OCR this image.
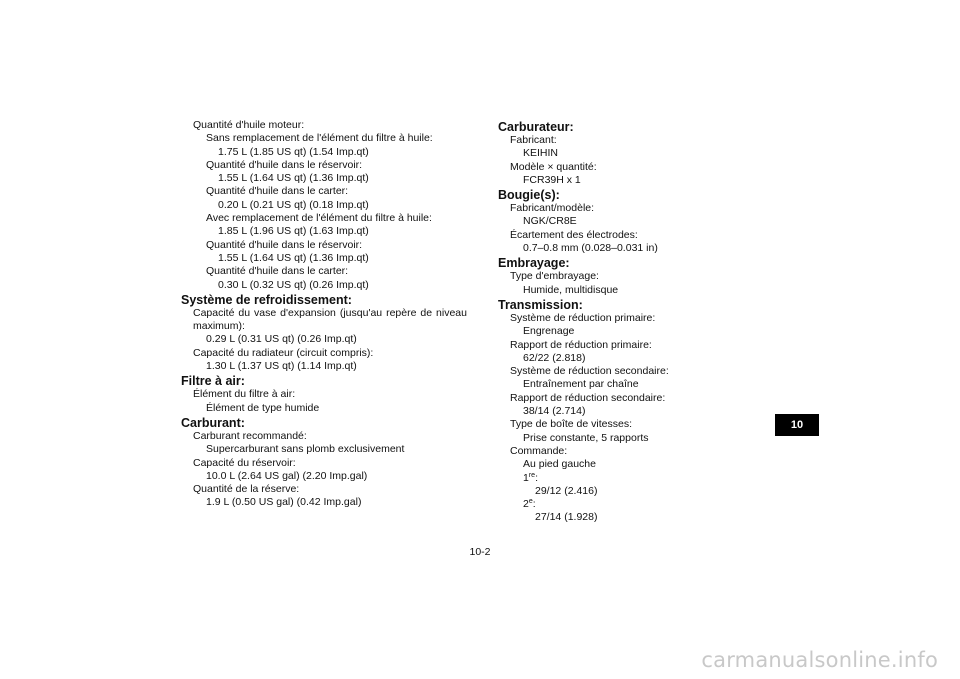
Quantité d'huile moteur:
Sans remplacement de l'élément du filtre à huile:
1.75 L (1.85 US qt) (1.54 Imp.qt)
Quantité d'huile dans le réservoir:
1.55 L (1.64 US qt) (1.36 Imp.qt)
Quantité d'huile dans le carter:
0.20 L (0.21 US qt) (0.18 Imp.qt)
Avec remplacement de l'élément du filtre à huile:
1.85 L (1.96 US qt) (1.63 Imp.qt)
Quantité d'huile dans le réservoir:
1.55 L (1.64 US qt) (1.36 Imp.qt)
Quantité d'huile dans le carter:
0.30 L (0.32 US qt) (0.26 Imp.qt)
Système de refroidissement:
Capacité du vase d'expansion (jusqu'au repère de niveau
maximum):
0.29 L (0.31 US qt) (0.26 Imp.qt)
Capacité du radiateur (circuit compris):
1.30 L (1.37 US qt) (1.14 Imp.qt)
Filtre à air:
Élément du filtre à air:
Élément de type humide
Carburant:
Carburant recommandé:
Supercarburant sans plomb exclusivement
Capacité du réservoir:
10.0 L (2.64 US gal) (2.20 Imp.gal)
Quantité de la réserve:
1.9 L (0.50 US gal) (0.42 Imp.gal)
Carburateur:
Fabricant:
KEIHIN
Modèle × quantité:
FCR39H x 1
Bougie(s):
Fabricant/modèle:
NGK/CR8E
Écartement des électrodes:
0.7–0.8 mm (0.028–0.031 in)
Embrayage:
Type d'embrayage:
Humide, multidisque
Transmission:
Système de réduction primaire:
Engrenage
Rapport de réduction primaire:
62/22 (2.818)
Système de réduction secondaire:
Entraînement par chaîne
Rapport de réduction secondaire:
38/14 (2.714)
Type de boîte de vitesses:
Prise constante, 5 rapports
Commande:
Au pied gauche
1re:
29/12 (2.416)
2e:
27/14 (1.928)
10
10-2
carmanualsonline.info
